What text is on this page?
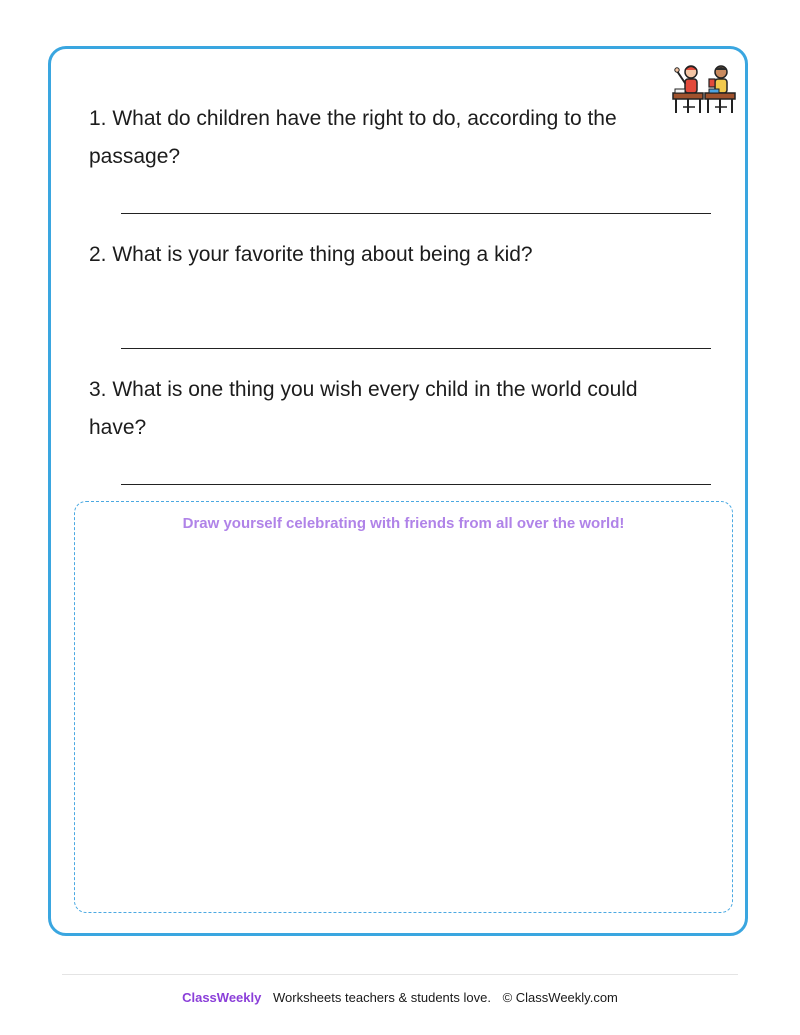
1. What do children have the right to do, according to the passage?
2. What is your favorite thing about being a kid?
3. What is one thing you wish every child in the world could have?
Draw yourself celebrating with friends from all over the world!
ClassWeekly Worksheets teachers & students love. © ClassWeekly.com
